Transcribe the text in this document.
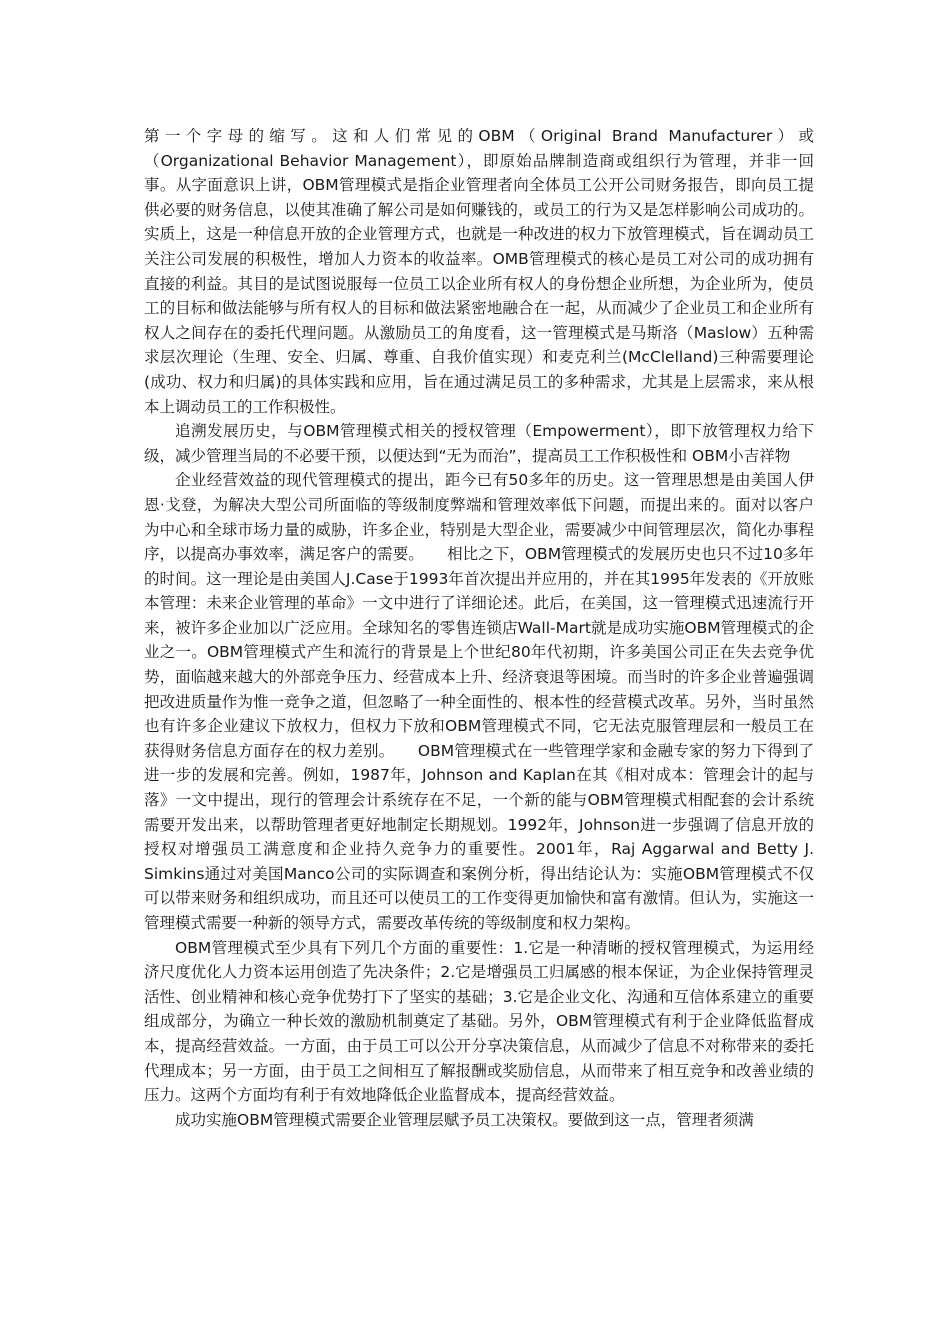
第一个字母的缩写。这和人们常见的OBM（Original Brand Manufacturer）或（Organizational Behavior Management），即原始品牌制造商或组织行为管理，并非一回事。从字面意识上讲，OBM管理模式是指企业管理者向全体员工公开公司财务报告，即向员工提供必要的财务信息，以使其准确了解公司是如何赚钱的，或员工的行为又是怎样影响公司成功的。实质上，这是一种信息开放的企业管理方式，也就是一种改进的权力下放管理模式，旨在调动员工关注公司发展的积极性，增加人力资本的收益率。OMB管理模式的核心是员工对公司的成功拥有直接的利益。其目的是试图说服每一位员工以企业所有权人的身份想企业所想，为企业所为，使员工的目标和做法能够与所有权人的目标和做法紧密地融合在一起，从而减少了企业员工和企业所有权人之间存在的委托代理问题。从激励员工的角度看，这一管理模式是马斯洛（Maslow）五种需求层次理论（生理、安全、归属、尊重、自我价值实现）和麦克利兰(McClelland)三种需要理论(成功、权力和归属)的具体实践和应用，旨在通过满足员工的多种需求，尤其是上层需求，来从根本上调动员工的工作积极性。

追溯发展历史，与OBM管理模式相关的授权管理（Empowerment），即下放管理权力给下级，减少管理当局的不必要干预，以便达到“无为而治”，提高员工工作积极性和 OBM小吉祥物

企业经营效益的现代管理模式的提出，距今已有50多年的历史。这一管理思想是由美国人伊恩·戈登，为解决大型公司所面临的等级制度弊端和管理效率低下问题，而提出来的。面对以客户为中心和全球市场力量的威胁，许多企业，特别是大型企业，需要减少中间管理层次，简化办事程序，以提高办事效率，满足客户的需要。　　相比之下，OBM管理模式的发展历史也只不过10多年的时间。这一理论是由美国人J.Case于1993年首次提出并应用的，并在其1995年发表的《开放账本管理：未来企业管理的革命》一文中进行了详细论述。此后，在美国，这一管理模式迅速流行开来，被许多企业加以广泛应用。全球知名的零售连锁店Wall-Mart就是成功实施OBM管理模式的企业之一。OBM管理模式产生和流行的背景是上个世纪80年代初期，许多美国公司正在失去竞争优势，面临越来越大的外部竞争压力、经营成本上升、经济衰退等困境。而当时的许多企业普遍强调把改进质量作为惟一竞争之道，但忽略了一种全面性的、根本性的经营模式改革。另外，当时虽然也有许多企业建议下放权力，但权力下放和OBM管理模式不同，它无法克服管理层和一般员工在获得财务信息方面存在的权力差别。　　OBM管理模式在一些管理学家和金融专家的努力下得到了进一步的发展和完善。例如，1987年，Johnson and Kaplan在其《相对成本：管理会计的起与落》一文中提出，现行的管理会计系统存在不足，一个新的能与OBM管理模式相配套的会计系统需要开发出来，以帮助管理者更好地制定长期规划。1992年，Johnson进一步强调了信息开放的授权对增强员工满意度和企业持久竞争力的重要性。2001年，Raj Aggarwal and Betty J. Simkins通过对美国Manco公司的实际调查和案例分析，得出结论认为：实施OBM管理模式不仅可以带来财务和组织成功，而且还可以使员工的工作变得更加愉快和富有激情。但认为，实施这一管理模式需要一种新的领导方式，需要改革传统的等级制度和权力架构。

OBM管理模式至少具有下列几个方面的重要性：1.它是一种清晰的授权管理模式，为运用经济尺度优化人力资本运用创造了先决条件；2.它是增强员工归属感的根本保证，为企业保持管理灵活性、创业精神和核心竞争优势打下了坚实的基础；3.它是企业文化、沟通和互信体系建立的重要组成部分，为确立一种长效的激励机制奠定了基础。另外，OBM管理模式有利于企业降低监督成本，提高经营效益。一方面，由于员工可以公开分享决策信息，从而减少了信息不对称带来的委托代理成本；另一方面，由于员工之间相互了解报酬或奖励信息，从而带来了相互竞争和改善业绩的压力。这两个方面均有利于有效地降低企业监督成本，提高经营效益。

成功实施OBM管理模式需要企业管理层赋予员工决策权。要做到这一点，管理者须满
